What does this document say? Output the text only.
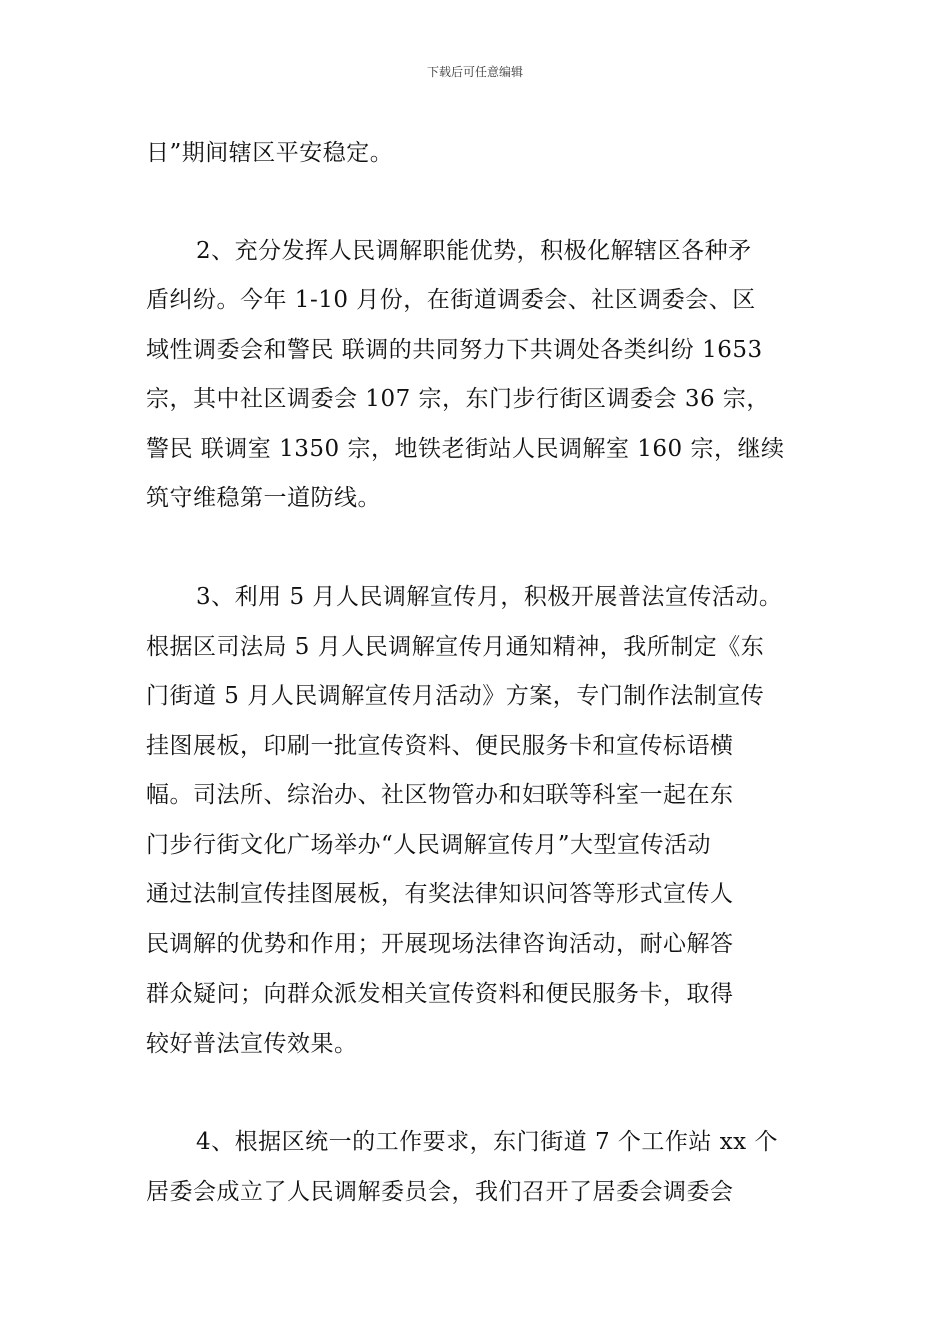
下载后可任意编辑
日”期间辖区平安稳定。
2、充分发挥人民调解职能优势，积极化解辖区各种矛
盾纠纷。今年 1-10 月份，在街道调委会、社区调委会、区
域性调委会和警民 联调的共同努力下共调处各类纠纷 1653
宗，其中社区调委会 107 宗，东门步行街区调委会 36 宗，
警民 联调室 1350 宗，地铁老街站人民调解室 160 宗，继续
筑守维稳第一道防线。
3、利用 5 月人民调解宣传月，积极开展普法宣传活动。
根据区司法局 5 月人民调解宣传月通知精神，我所制定《东
门街道 5 月人民调解宣传月活动》方案，专门制作法制宣传
挂图展板，印刷一批宣传资料、便民服务卡和宣传标语横
幅。司法所、综治办、社区物管办和妇联等科室一起在东
门步行街文化广场举办“人民调解宣传月”大型宣传活动
通过法制宣传挂图展板，有奖法律知识问答等形式宣传人
民调解的优势和作用；开展现场法律咨询活动，耐心解答
群众疑问；向群众派发相关宣传资料和便民服务卡，取得
较好普法宣传效果。
4、根据区统一的工作要求，东门街道 7 个工作站 xx 个
居委会成立了人民调解委员会，我们召开了居委会调委会
